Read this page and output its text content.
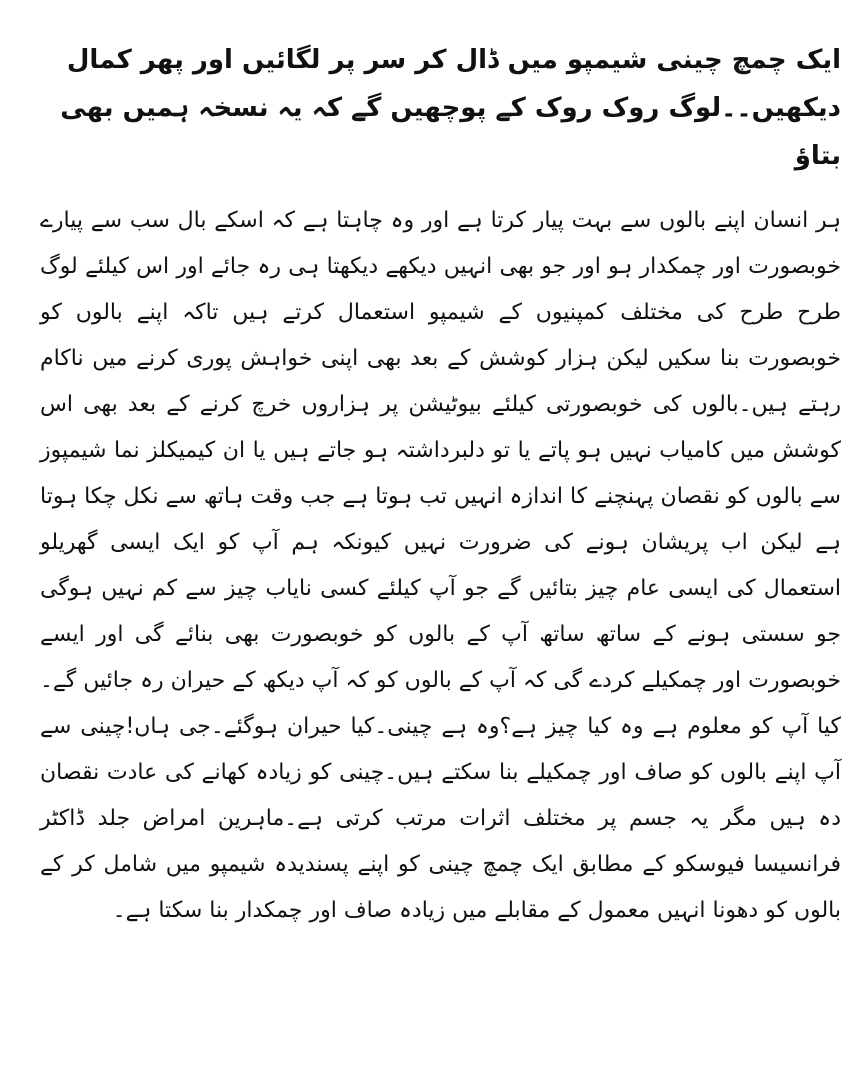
ایک چمچ چینی شیمپو میں ڈال کر سر پر لگائیں اور پھر کمال دیکھیں۔۔لوگ روک روک کے پوچھیں گے کہ یہ نسخہ ہمیں بھی بتاؤ

ہر انسان اپنے بالوں سے بہت پیار کرتا ہے اور وہ چاہتا ہے کہ اسکے بال سب سے پیارے خوبصورت اور چمکدار ہو اور جو بھی انہیں دیکھے دیکھتا ہی رہ جائے اور اس کیلئے لوگ طرح طرح کی مختلف کمپنیوں کے شیمپو استعمال کرتے ہیں تاکہ اپنے بالوں کو خوبصورت بنا سکیں لیکن ہزار کوشش کے بعد بھی اپنی خواہش پوری کرنے میں ناکام رہتے ہیں۔بالوں کی خوبصورتی کیلئے بیوٹیشن پر ہزاروں خرچ کرنے کے بعد بھی اس کوشش میں کامیاب نہیں ہو پاتے یا تو دلبرداشتہ ہو جاتے ہیں یا ان کیمیکلز نما شیمپوز سے بالوں کو نقصان پہنچنے کا اندازہ انہیں تب ہوتا ہے جب وقت ہاتھ سے نکل چکا ہوتا ہے لیکن اب پریشان ہونے کی ضرورت نہیں کیونکہ ہم آپ کو ایک ایسی گھریلو استعمال کی ایسی عام چیز بتائیں گے جو آپ کیلئے کسی نایاب چیز سے کم نہیں ہوگی جو سستی ہونے کے ساتھ ساتھ آپ کے بالوں کو خوبصورت بھی بنائے گی اور ایسے خوبصورت اور چمکیلے کردے گی کہ آپ کے بالوں کو کہ آپ دیکھ کے حیران رہ جائیں گے۔کیا آپ کو معلوم ہے وہ کیا چیز ہے؟وہ ہے چینی۔کیا حیران ہوگئے۔جی ہاں!چینی سے آپ اپنے بالوں کو صاف اور چمکیلے بنا سکتے ہیں۔چینی کو زیادہ کھانے کی عادت نقصان دہ ہیں مگر یہ جسم پر مختلف اثرات مرتب کرتی ہے۔ماہرین امراض جلد ڈاکٹر فرانسیسا فیوسکو کے مطابق ایک چمچ چینی کو اپنے پسندیدہ شیمپو میں شامل کر کے بالوں کو دھونا انہیں معمول کے مقابلے میں زیادہ صاف اور چمکدار بنا سکتا ہے۔
